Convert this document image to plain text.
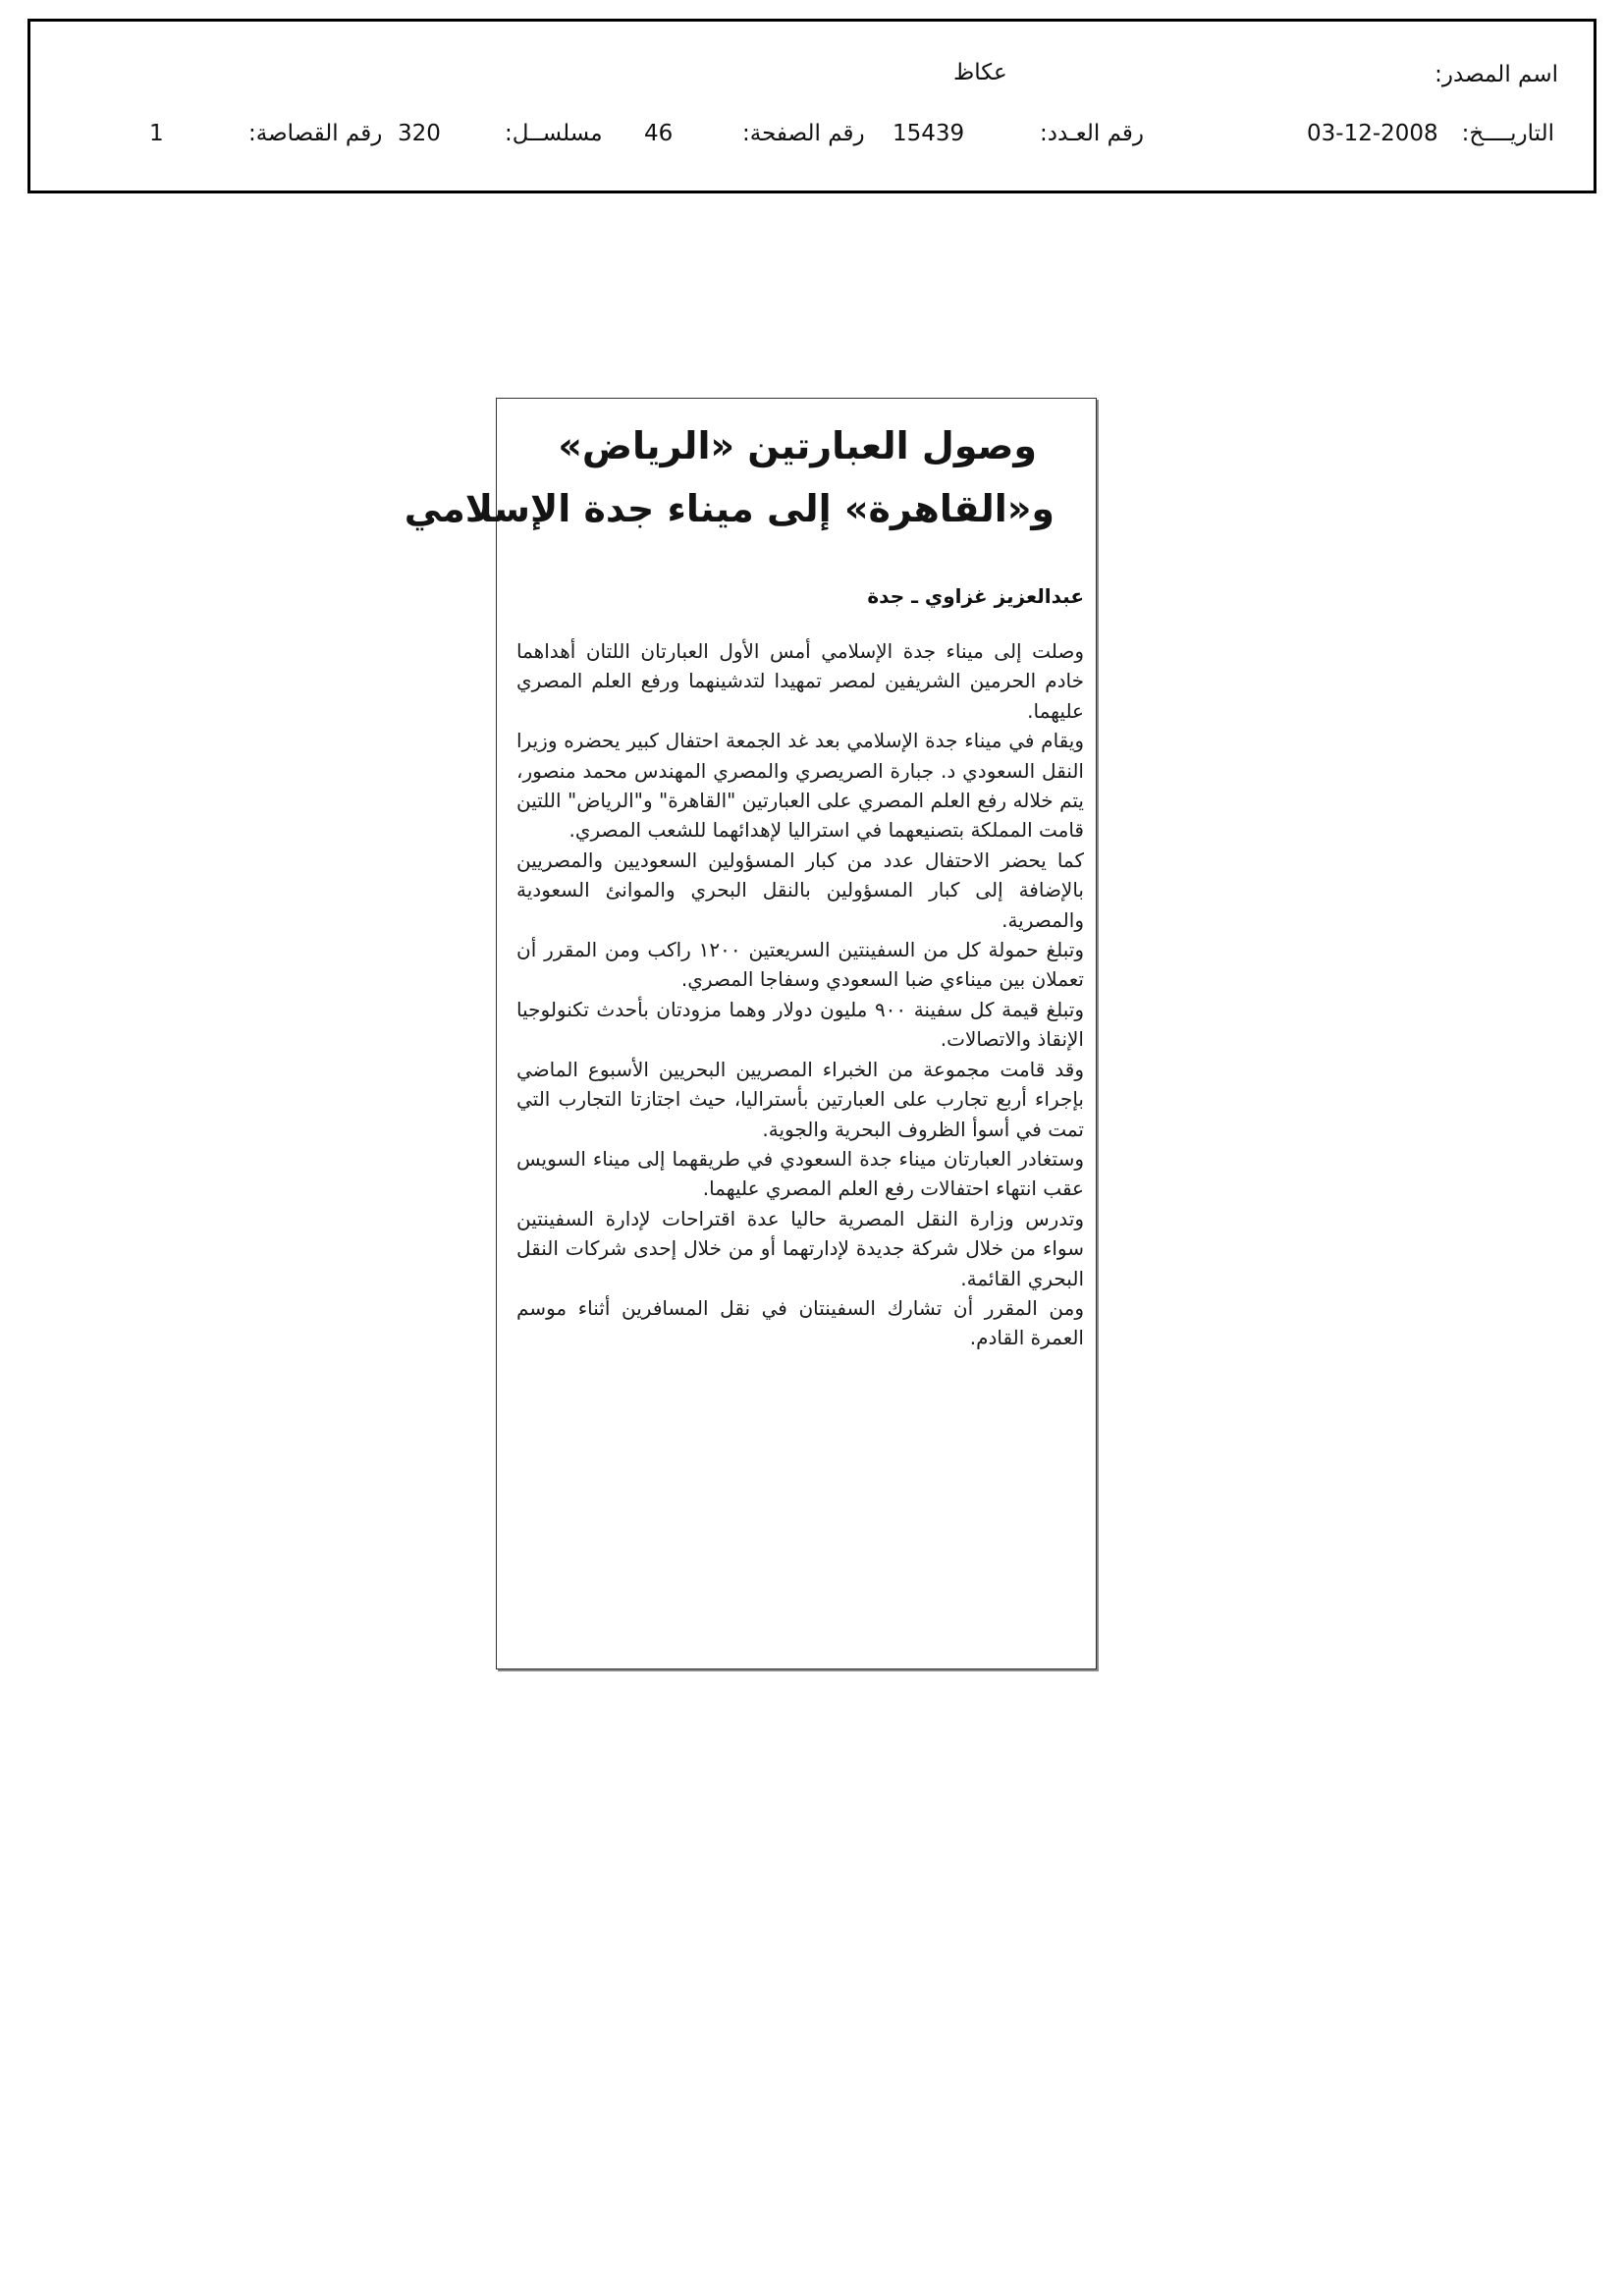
اسم المصدر:
عكاظ
التاريــــخ:
03-12-2008
رقم العـدد:
15439
رقم الصفحة:
46
مسلســل:
320
رقم القصاصة:
1
وصول العبارتين «الرياض»
و«القاهرة» إلى ميناء جدة الإسلامي
عبدالعزيز غزاوي ـ جدة

وصلت إلى ميناء جدة الإسلامي أمس الأول العبارتان اللتان أهداهما خادم الحرمين الشريفين لمصر تمهيدا لتدشينهما ورفع العلم المصري عليهما.

ويقام في ميناء جدة الإسلامي بعد غد الجمعة احتفال كبير يحضره وزيرا النقل السعودي د. جبارة الصريصري والمصري المهندس محمد منصور، يتم خلاله رفع العلم المصري على العبارتين "القاهرة" و"الرياض" اللتين قامت المملكة بتصنيعهما في استراليا لإهدائهما للشعب المصري.

كما يحضر الاحتفال عدد من كبار المسؤولين السعوديين والمصريين بالإضافة إلى كبار المسؤولين بالنقل البحري والموانئ السعودية والمصرية.

وتبلغ حمولة كل من السفينتين السريعتين ١٢٠٠ راكب ومن المقرر أن تعملان بين ميناءي ضبا السعودي وسفاجا المصري.

وتبلغ قيمة كل سفينة ٩٠٠ مليون دولار وهما مزودتان بأحدث تكنولوجيا الإنقاذ والاتصالات.

وقد قامت مجموعة من الخبراء المصريين البحريين الأسبوع الماضي بإجراء أربع تجارب على العبارتين بأستراليا، حيث اجتازتا التجارب التي تمت في أسوأ الظروف البحرية والجوية.

وستغادر العبارتان ميناء جدة السعودي في طريقهما إلى ميناء السويس عقب انتهاء احتفالات رفع العلم المصري عليهما.

وتدرس وزارة النقل المصرية حاليا عدة اقتراحات لإدارة السفينتين سواء من خلال شركة جديدة لإدارتهما أو من خلال إحدى شركات النقل البحري القائمة.

ومن المقرر أن تشارك السفينتان في نقل المسافرين أثناء موسم العمرة القادم.
